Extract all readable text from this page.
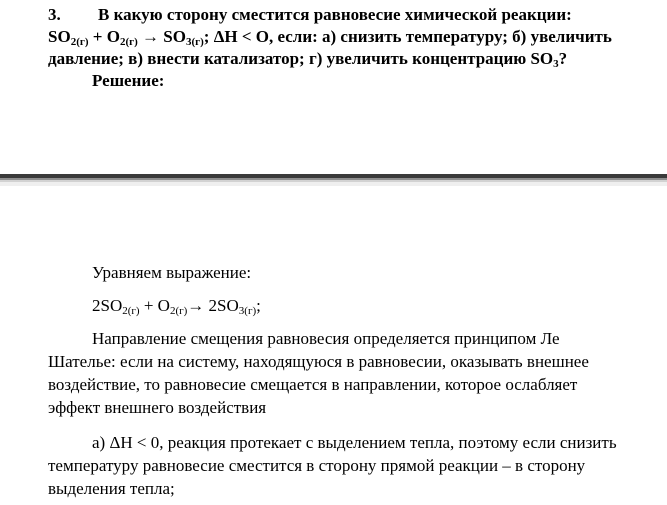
3. В какую сторону сместится равновесие химической реакции:
$SO_{2(г)} + O_{2(г)} \to SO_{3(г)}$; ΔH < O, если: а) снизить температуру; б) увеличить
давление; в) внести катализатор; г) увеличить концентрацию $SO_3$?
Решение:
Уравняем выражение:
$2SO_{2(г)} + O_{2(г)}\to 2SO_{3(г)}$;
Направление смещения равновесия определяется принципом Ле
Шателье: если на систему, находящуюся в равновесии, оказывать внешнее
воздействие, то равновесие смещается в направлении, которое ослабляет
эффект внешнего воздействия
а) ΔH < 0, реакция протекает с выделением тепла, поэтому если снизить
температуру равновесие сместится в сторону прямой реакции – в сторону
выделения тепла;
